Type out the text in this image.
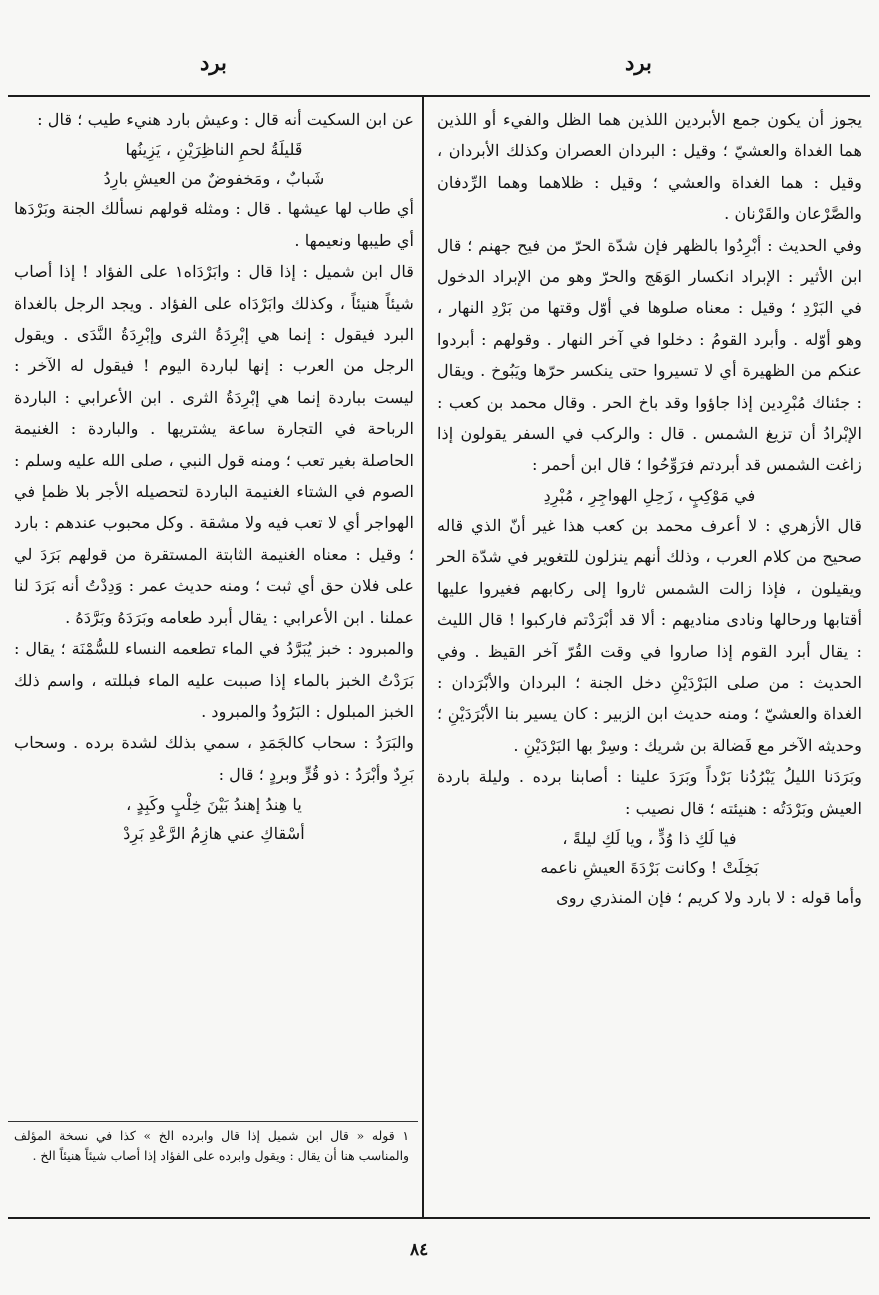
برد
برد

يجوز أن يكون جمع الأبردين اللذين هما الظل والفيء أو اللذين هما الغداة والعشيّ ؛ وقيل : البردان العصران وكذلك الأبردان ، وقيل : هما الغداة والعشي ؛ وقيل : ظلاهما وهما الرِّدفان والصَّرْعان والقَرْنان .

وفي الحديث : أبْرِدُوا بالظهر فإن شدّة الحرّ من فيح جهنم ؛ قال ابن الأثير : الإبراد انكسار الوَهَج والحرّ وهو من الإبراد الدخول في البَرْدِ ؛ وقيل : معناه صلوها في أوّل وقتها من بَرْدِ النهار ، وهو أوّله . وأبرد القومُ : دخلوا في آخر النهار . وقولهم : أبردوا عنكم من الظهيرة أي لا تسيروا حتى ينكسر حرّها ويَبُوخ . ويقال : جئناك مُبْرِدين إذا جاؤوا وقد باخ الحر . وقال محمد بن كعب : الإبْرادُ أن تزيغ الشمس . قال : والركب في السفر يقولون إذا زاغت الشمس قد أبردتم فرَوِّحُوا ؛ قال ابن أحمر :

في مَوْكِبٍ ، زَحِلِ الهواجِرِ ، مُبْرِدِ

قال الأزهري : لا أعرف محمد بن كعب هذا غير أنّ الذي قاله صحيح من كلام العرب ، وذلك أنهم ينزلون للتغوير في شدّة الحر ويقيلون ، فإذا زالت الشمس ثاروا إلى ركابهم فغيروا عليها أقتابها ورحالها ونادى مناديهم : ألا قد أبْرَدْتم فاركبوا ! قال الليث : يقال أبرد القوم إذا صاروا في وقت القُرّ آخر القيظ . وفي الحديث : من صلى البَرْدَيْنِ دخل الجنة ؛ البردان والأبْرَدان : الغداة والعشيّ ؛ ومنه حديث ابن الزبير : كان يسير بنا الأبْرَدَيْنِ ؛ وحديثه الآخر مع فَضالة بن شريك : وسِرْ بها البَرْدَيْنِ .

وبَرَدَنا الليلُ يَبْرُدُنا بَرْداً وبَرَدَ علينا : أصابنا برده . وليلة باردة العيش وبَرْدَتُه : هنيئته ؛ قال نصيب :

فيا لَكِ ذا وُدٍّ ، ويا لَكِ ليلةً ،
بَخِلَتْ ! وكانت بَرْدَةَ العيشِ ناعمه

وأما قوله : لا بارد ولا كريم ؛ فإن المنذري روى

عن ابن السكيت أنه قال : وعيش بارد هنيء طيب ؛ قال :

قَليلَةُ لحمِ الناظِرَيْنِ ، يَزِينُها
شَبابٌ ، ومَخفوضٌ من العيشِ بارِدُ

أي طاب لها عيشها . قال : ومثله قولهم نسألك الجنة وبَرْدَها أي طيبها ونعيمها .

قال ابن شميل : إذا قال : وابَرْدَاه١ على الفؤاد ! إذا أصاب شيئاً هنيئاً ، وكذلك وابَرْدَاه على الفؤاد . ويجد الرجل بالغداة البرد فيقول : إنما هي إبْرِدَةُ الثرى وإبْرِدَةُ النَّدَى . ويقول الرجل من العرب : إنها لباردة اليوم ! فيقول له الآخر : ليست بباردة إنما هي إبْرِدَةُ الثرى . ابن الأعرابي : الباردة الرباحة في التجارة ساعة يشتريها . والباردة : الغنيمة الحاصلة بغير تعب ؛ ومنه قول النبي ، صلى الله عليه وسلم : الصوم في الشتاء الغنيمة الباردة لتحصيله الأجر بلا ظمإ في الهواجر أي لا تعب فيه ولا مشقة . وكل محبوب عندهم : بارد ؛ وقيل : معناه الغنيمة الثابتة المستقرة من قولهم بَرَدَ لي على فلان حق أي ثبت ؛ ومنه حديث عمر : وَدِدْتُ أنه بَرَدَ لنا عملنا . ابن الأعرابي : يقال أبرد طعامه وبَرَدَهُ وبَرَّدَهُ .

والمبرود : خبز يُبَرَّدُ في الماء تطعمه النساء للسُّمْنَة ؛ يقال : بَرَدْتُ الخبز بالماء إذا صببت عليه الماء فبللته ، واسم ذلك الخبز المبلول : البَرُودُ والمبرود .

والبَرَدُ : سحاب كالجَمَدِ ، سمي بذلك لشدة برده . وسحاب بَرِدٌ وأبْرَدُ : ذو قُرٍّ وبردٍ ؛ قال :

يا هِندُ إهندُ بَيْنَ خِلْبٍ وكَبِدٍ ،
أسْقاكِ عني هازِمُ الرَّعْدِ بَرِدْ

١ قوله « قال ابن شميل إذا قال وابرده الخ » كذا في نسخة المؤلف والمناسب هنا أن يقال : ويقول وابرده على الفؤاد إذا أصاب شيئاً هنيئاً الخ .
٨٤
